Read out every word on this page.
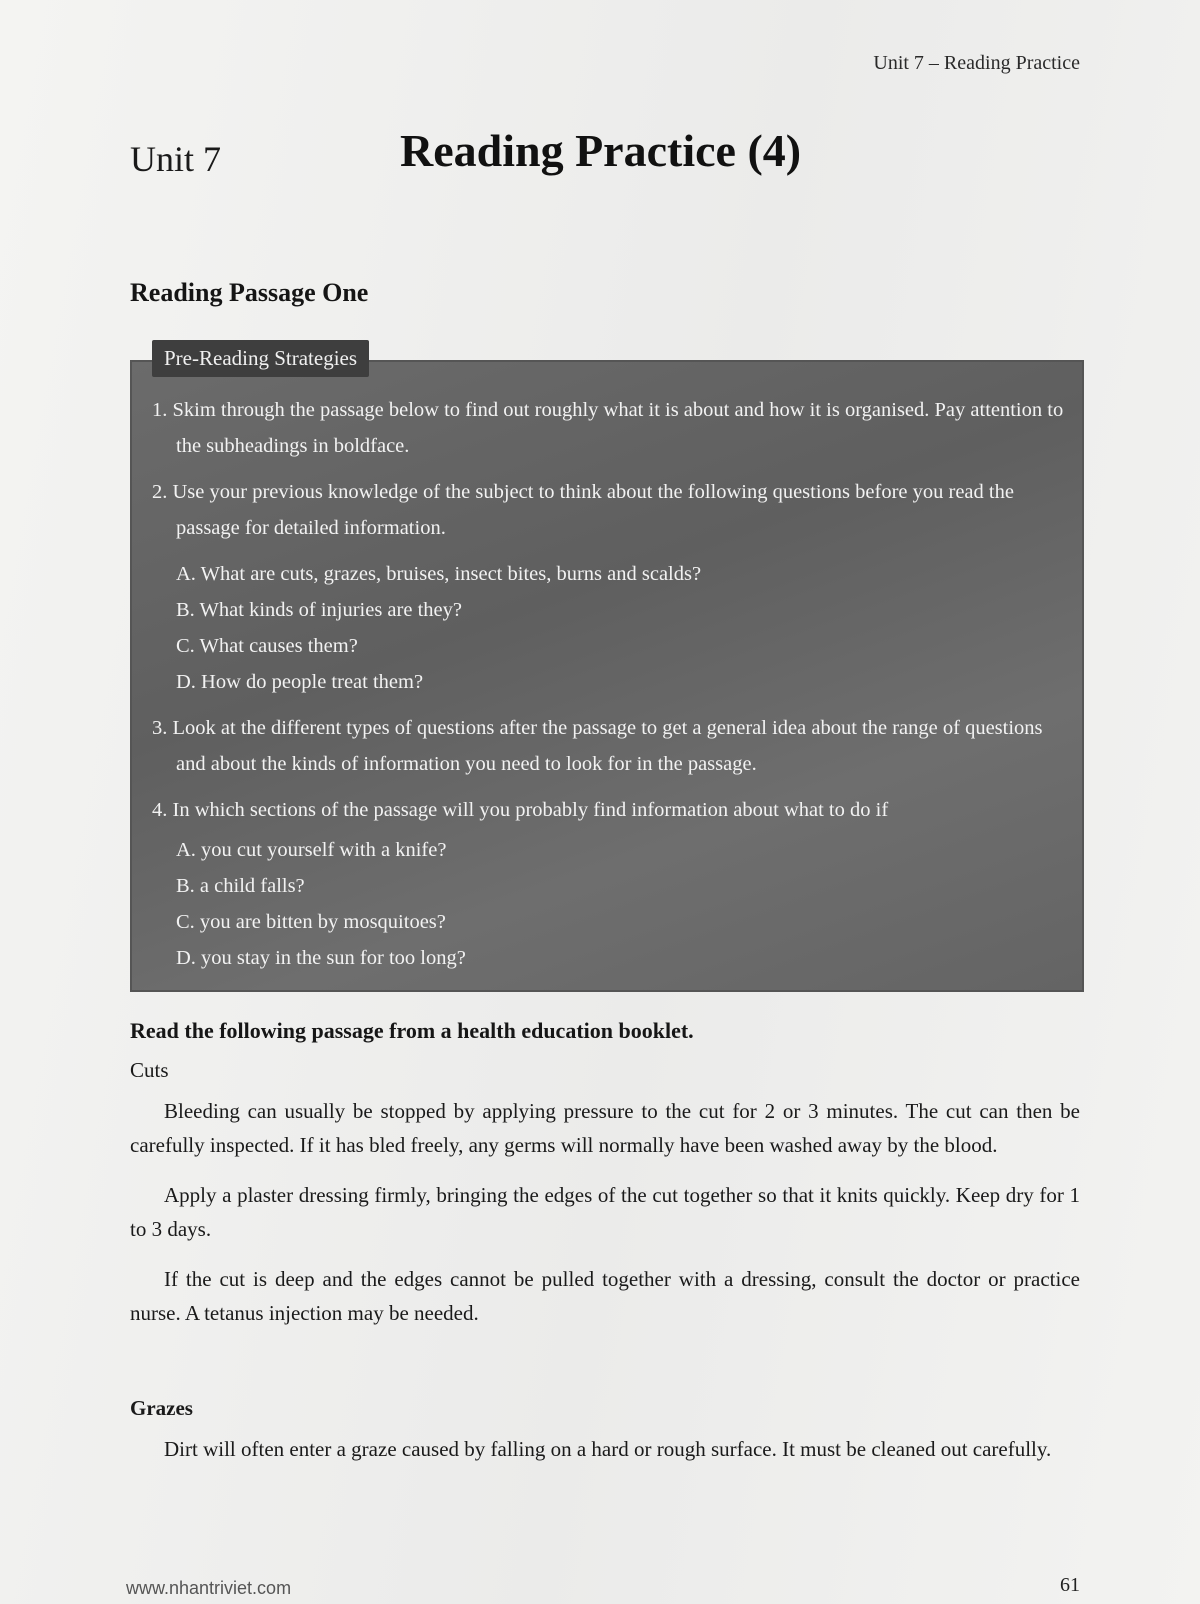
Unit 7 – Reading Practice
Unit 7	Reading Practice (4)
Reading Passage One
Pre-Reading Strategies
1. Skim through the passage below to find out roughly what it is about and how it is organised. Pay attention to the subheadings in boldface.
2. Use your previous knowledge of the subject to think about the following questions before you read the passage for detailed information.
A. What are cuts, grazes, bruises, insect bites, burns and scalds?
B. What kinds of injuries are they?
C. What causes them?
D. How do people treat them?
3. Look at the different types of questions after the passage to get a general idea about the range of questions and about the kinds of information you need to look for in the passage.
4. In which sections of the passage will you probably find information about what to do if
A. you cut yourself with a knife?
B. a child falls?
C. you are bitten by mosquitoes?
D. you stay in the sun for too long?
Read the following passage from a health education booklet.
Cuts

Bleeding can usually be stopped by applying pressure to the cut for 2 or 3 minutes. The cut can then be carefully inspected. If it has bled freely, any germs will normally have been washed away by the blood.

Apply a plaster dressing firmly, bringing the edges of the cut together so that it knits quickly. Keep dry for 1 to 3 days.

If the cut is deep and the edges cannot be pulled together with a dressing, consult the doctor or practice nurse. A tetanus injection may be needed.

Grazes

Dirt will often enter a graze caused by falling on a hard or rough surface. It must be cleaned out carefully.

www.nhantriviet.com	61
